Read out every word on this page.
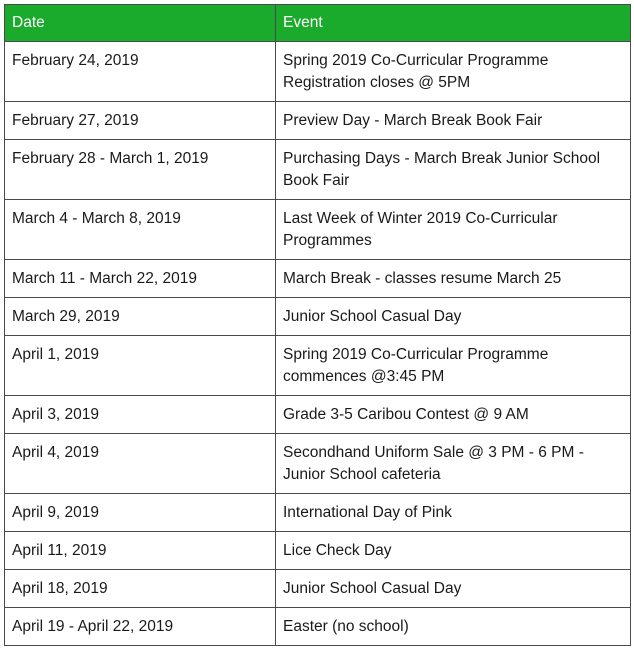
Date	Event
February 24, 2019	Spring 2019 Co-Curricular Programme Registration closes @ 5PM
February 27, 2019	Preview Day - March Break Book Fair
February 28 - March 1, 2019	Purchasing Days - March Break Junior School Book Fair
March 4 - March 8, 2019	Last Week of Winter 2019 Co-Curricular Programmes
March 11 - March 22, 2019	March Break - classes resume March 25
March 29, 2019	Junior School Casual Day
April 1, 2019	Spring 2019 Co-Curricular Programme commences @3:45 PM
April 3, 2019	Grade 3-5 Caribou Contest @ 9 AM
April 4, 2019	Secondhand Uniform Sale @ 3 PM - 6 PM -Junior School cafeteria
April 9, 2019	International Day of Pink
April 11, 2019	Lice Check Day
April 18, 2019	Junior School Casual Day
April 19 - April 22, 2019	Easter (no school)
